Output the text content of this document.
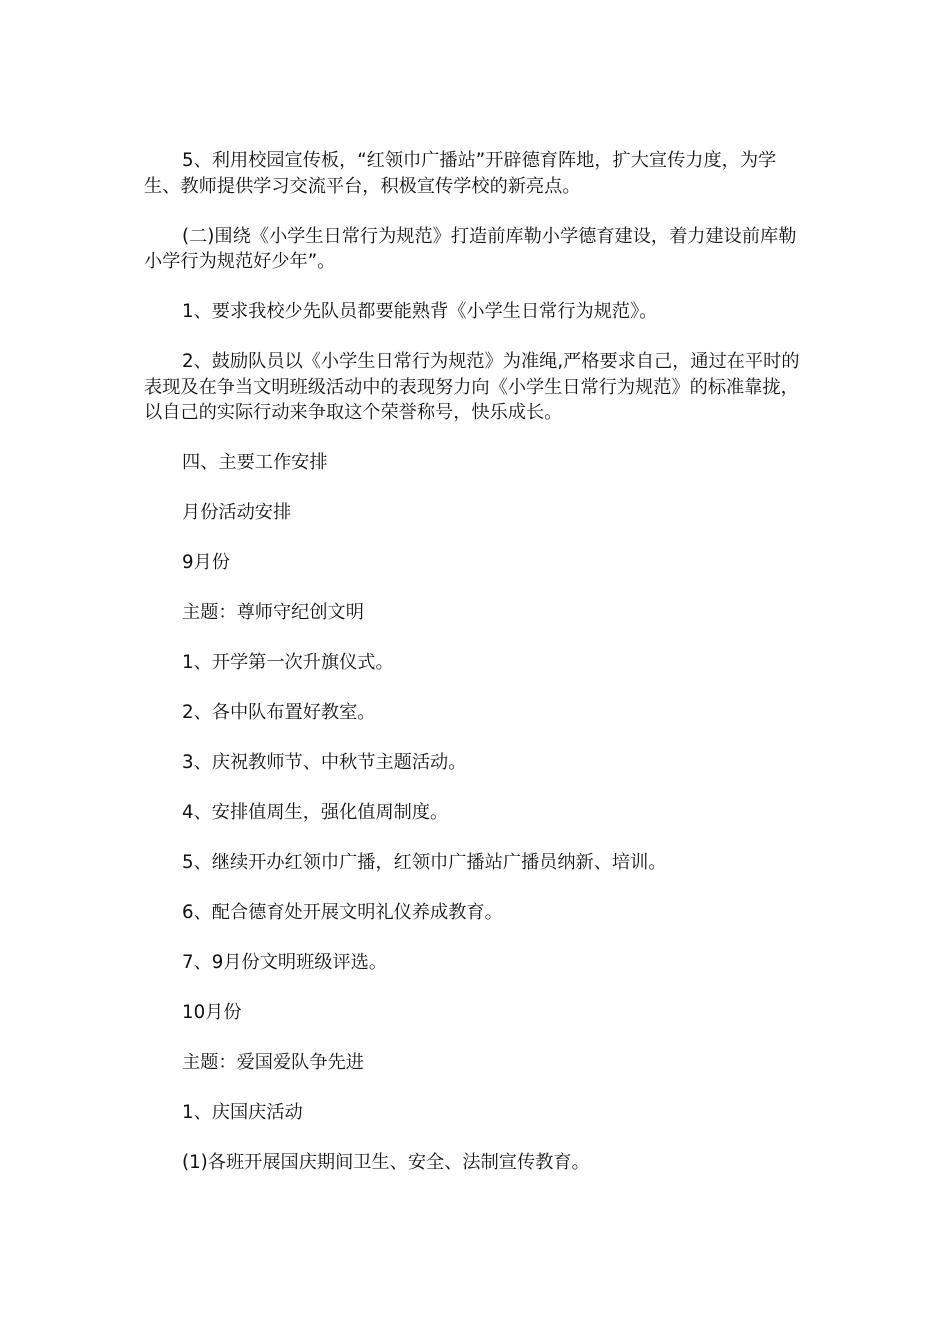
5、利用校园宣传板，“红领巾广播站”开辟德育阵地，扩大宣传力度，为学生、教师提供学习交流平台，积极宣传学校的新亮点。

(二)围绕《小学生日常行为规范》打造前库勒小学德育建设，着力建设前库勒小学行为规范好少年”。

1、要求我校少先队员都要能熟背《小学生日常行为规范》。

2、鼓励队员以《小学生日常行为规范》为准绳,严格要求自己，通过在平时的表现及在争当文明班级活动中的表现努力向《小学生日常行为规范》的标准靠拢，以自己的实际行动来争取这个荣誉称号，快乐成长。

四、主要工作安排

月份活动安排

9月份

主题：尊师守纪创文明

1、开学第一次升旗仪式。

2、各中队布置好教室。

3、庆祝教师节、中秋节主题活动。

4、安排值周生，强化值周制度。

5、继续开办红领巾广播，红领巾广播站广播员纳新、培训。

6、配合德育处开展文明礼仪养成教育。

7、9月份文明班级评选。

10月份

主题：爱国爱队争先进

1、庆国庆活动

(1)各班开展国庆期间卫生、安全、法制宣传教育。
